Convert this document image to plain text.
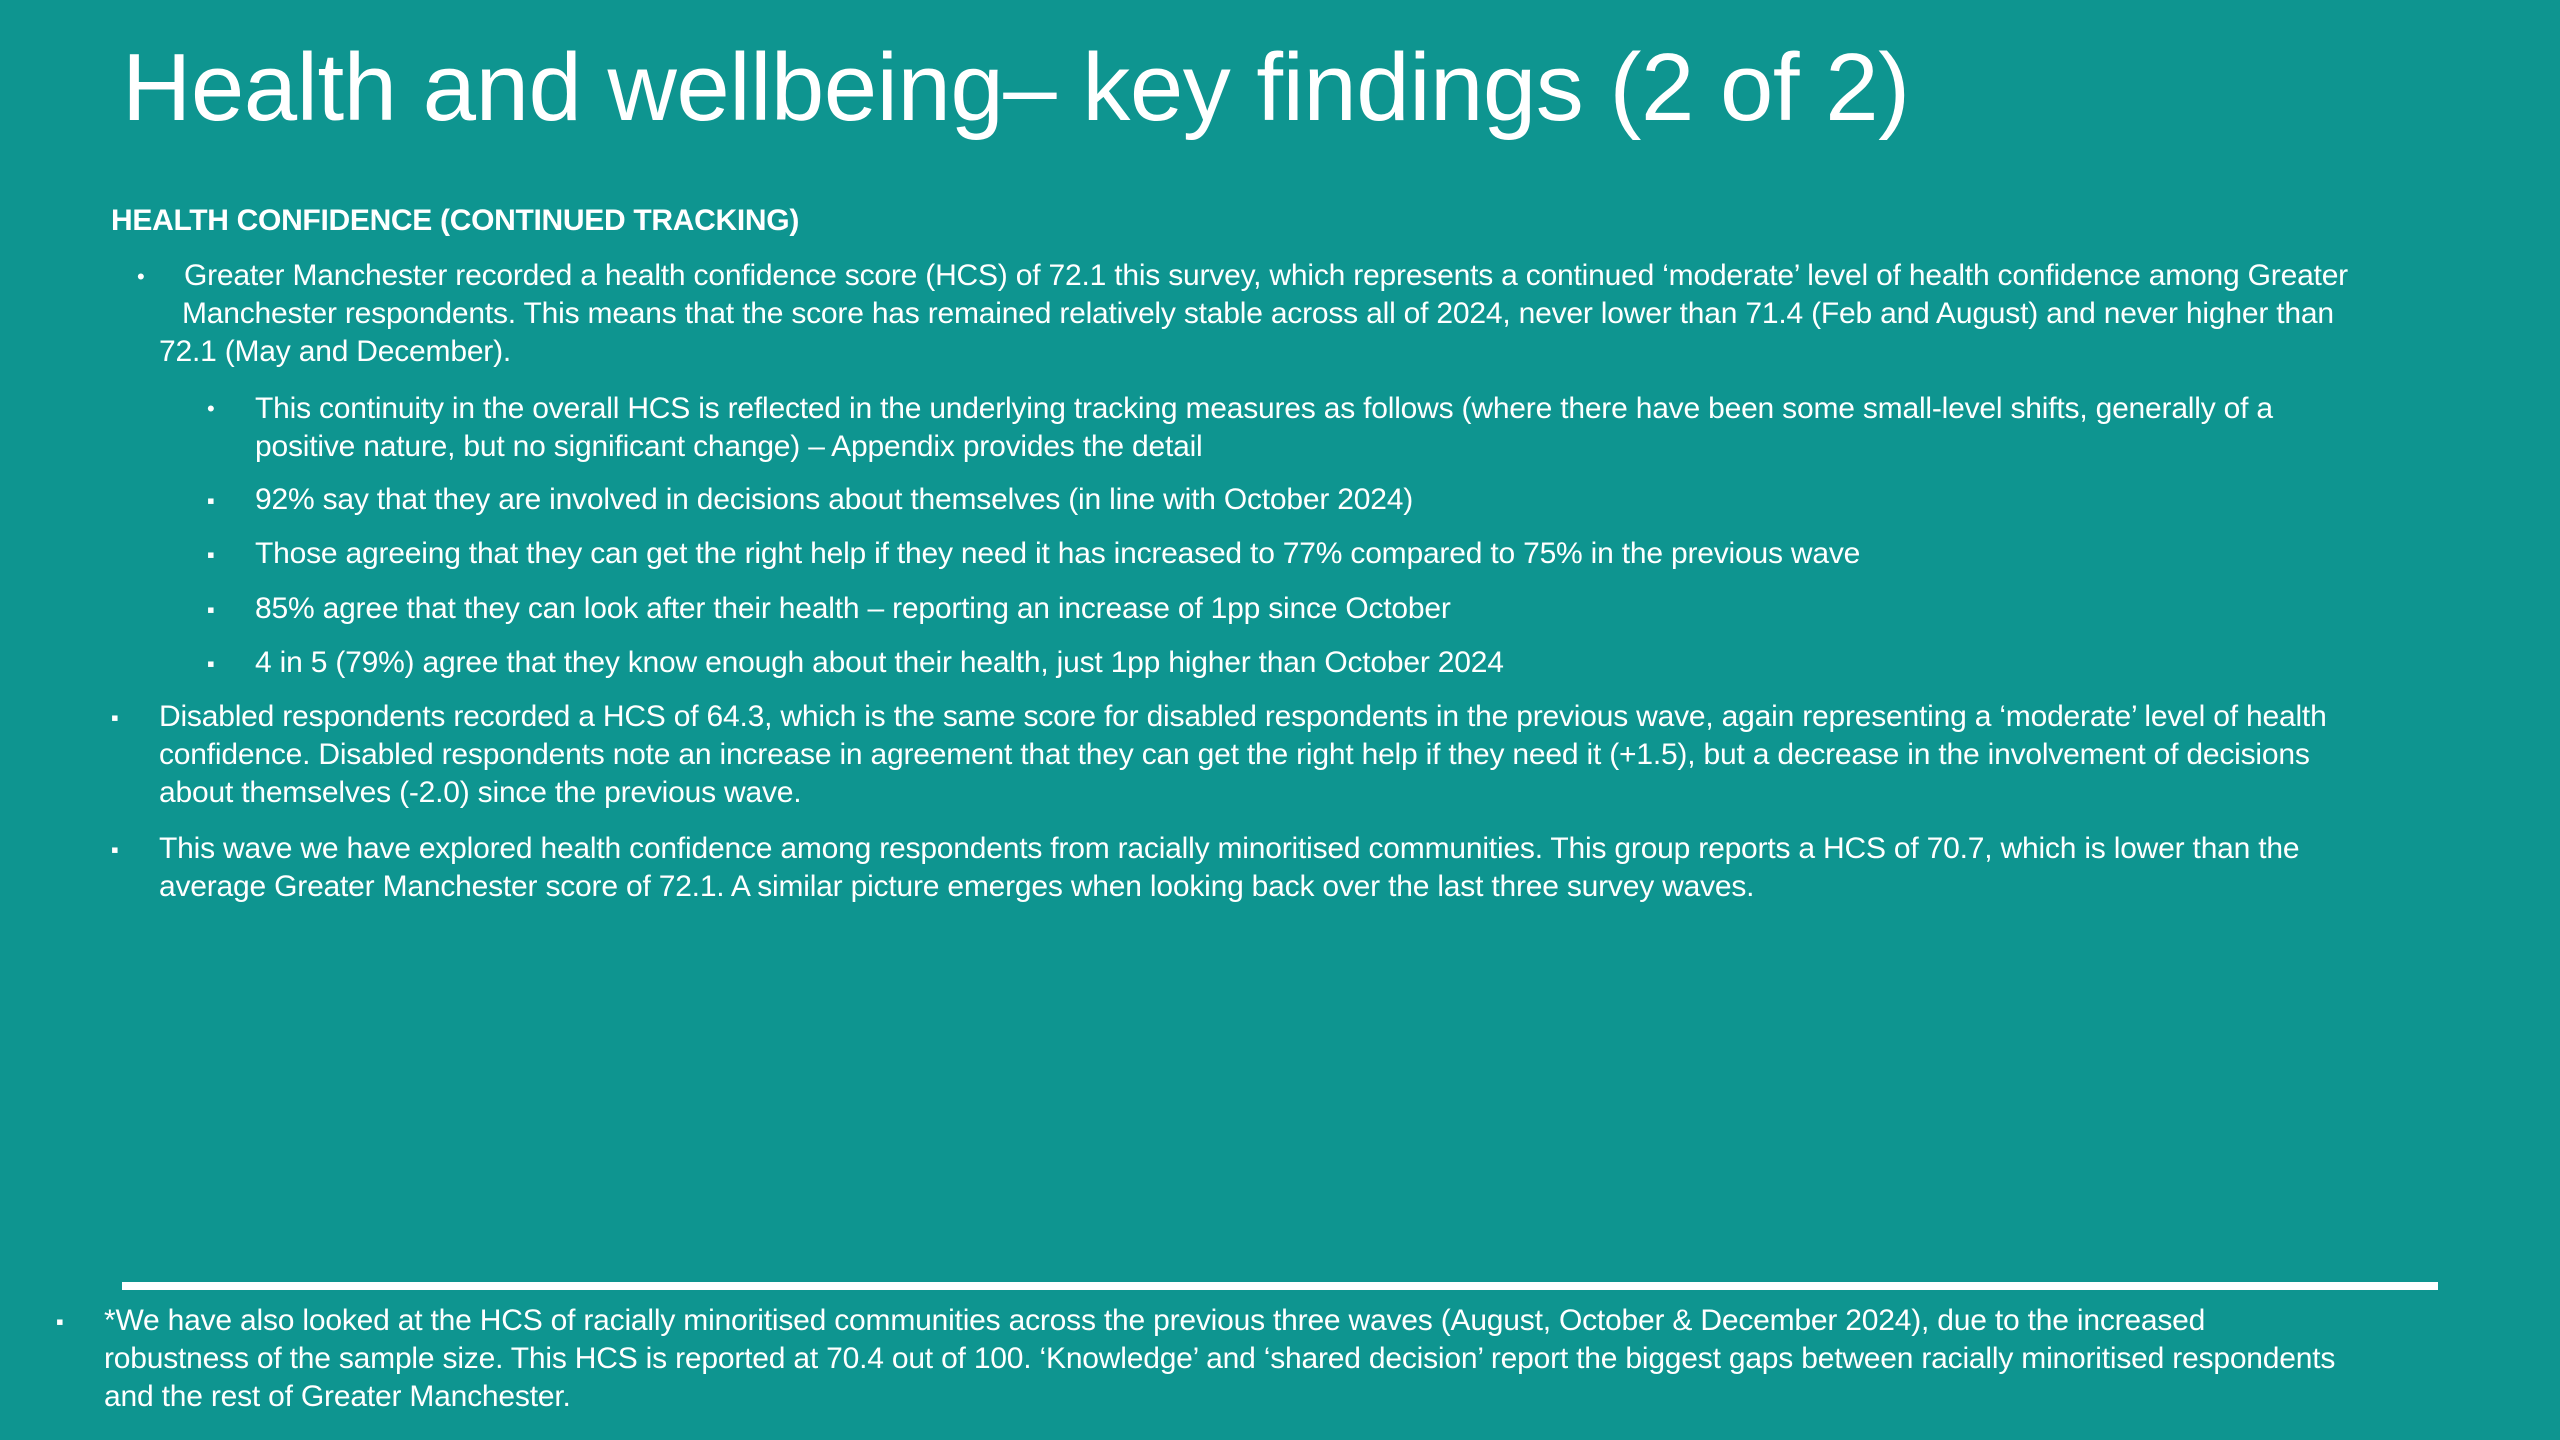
Health and wellbeing– key findings (2 of 2)
HEALTH CONFIDENCE (CONTINUED TRACKING)
• Greater Manchester recorded a health confidence score (HCS) of 72.1 this survey, which represents a continued ‘moderate’ level of health confidence among Greater

Manchester respondents. This means that the score has remained relatively stable across all of 2024, never lower than 71.4 (Feb and August) and never higher than

72.1 (May and December).

• This continuity in the overall HCS is reflected in the underlying tracking measures as follows (where there have been some small-level shifts, generally of a

positive nature, but no significant change) – Appendix provides the detail

▪ 92% say that they are involved in decisions about themselves (in line with October 2024)

▪ Those agreeing that they can get the right help if they need it has increased to 77% compared to 75% in the previous wave

▪ 85% agree that they can look after their health – reporting an increase of 1pp since October

▪ 4 in 5 (79%) agree that they know enough about their health, just 1pp higher than October 2024

▪ Disabled respondents recorded a HCS of 64.3, which is the same score for disabled respondents in the previous wave, again representing a ‘moderate’ level of health

confidence. Disabled respondents note an increase in agreement that they can get the right help if they need it (+1.5), but a decrease in the involvement of decisions

about themselves (-2.0) since the previous wave.

▪ This wave we have explored health confidence among respondents from racially minoritised communities. This group reports a HCS of 70.7, which is lower than the

average Greater Manchester score of 72.1. A similar picture emerges when looking back over the last three survey waves.

▪ *We have also looked at the HCS of racially minoritised communities across the previous three waves (August, October & December 2024), due to the increased

robustness of the sample size. This HCS is reported at 70.4 out of 100. ‘Knowledge’ and ‘shared decision’ report the biggest gaps between racially minoritised respondents

and the rest of Greater Manchester.
